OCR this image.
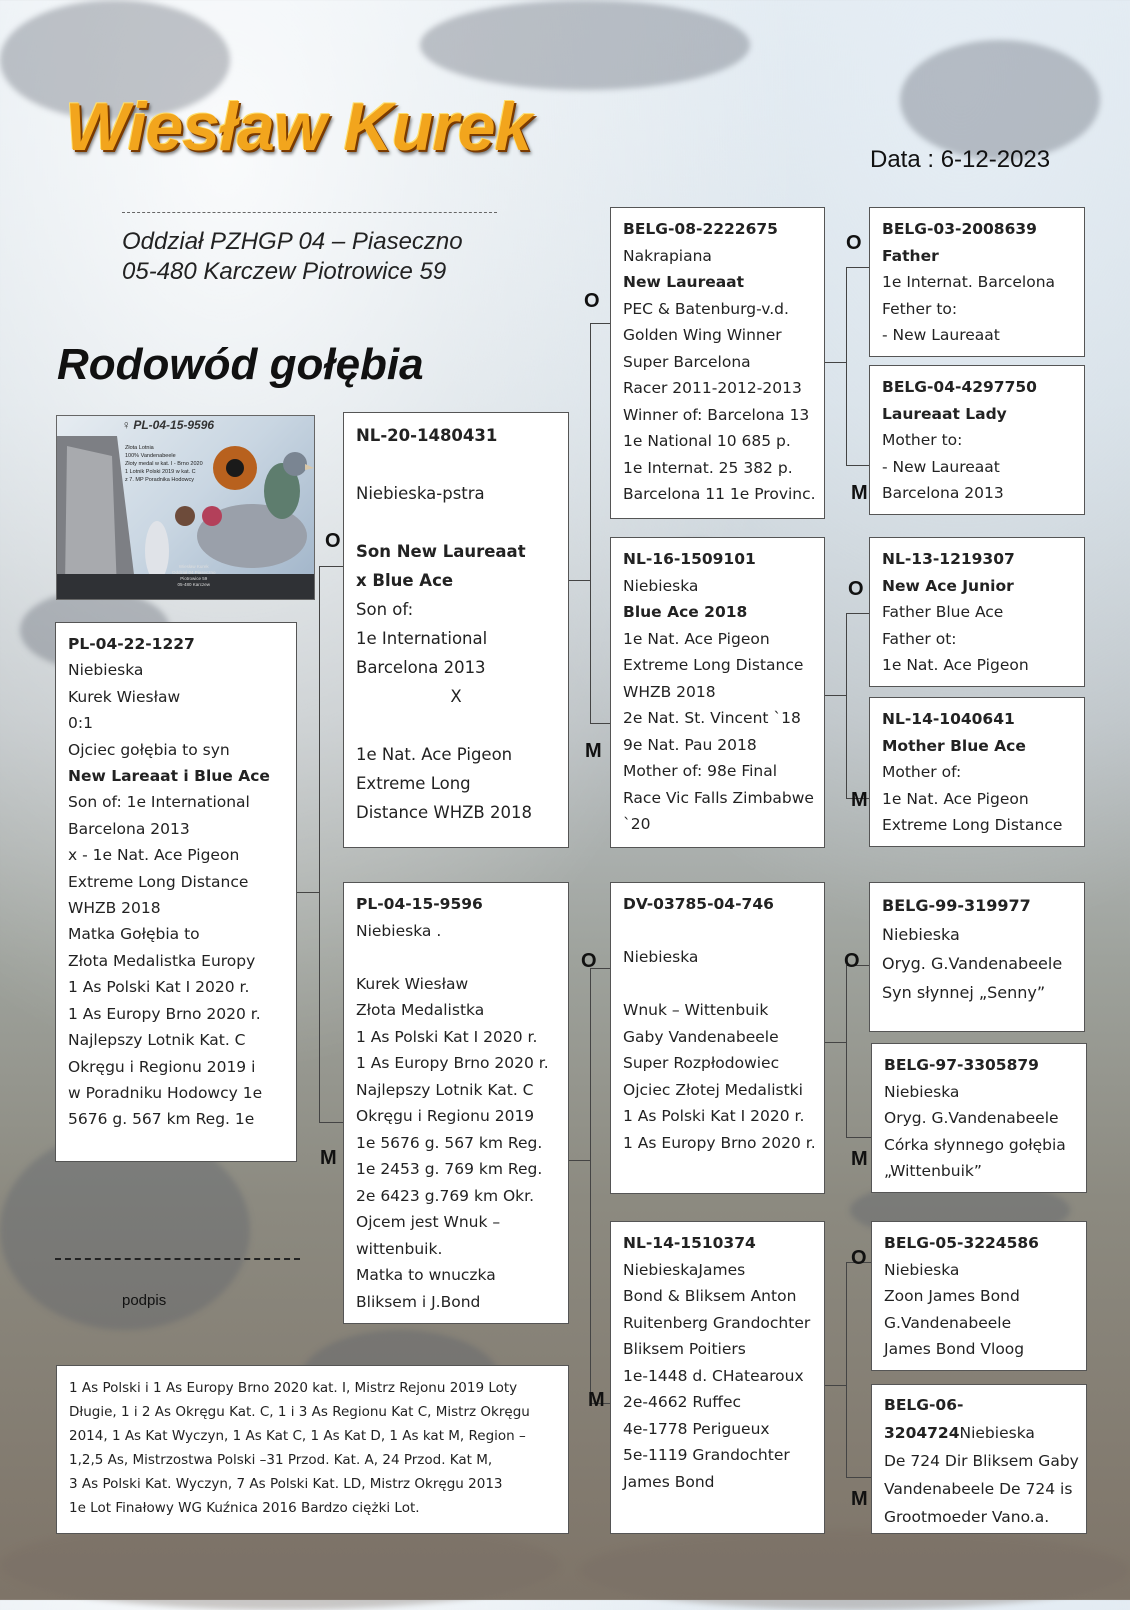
Wiesław Kurek	Data : 6-12-2023
Oddział PZHGP 04 – Piaseczno
05-480 Karczew Piotrowice 59
Rodowód gołębia
♀ PL-04-15-9596
Złota Lotnia
100% Vandenabeele
Złoty medal w kat. I - Brno 2020
1 Lotnik Polski 2019 w kat. C
z 7. MP Poradnika Hodowcy
Wiesław Kurek
Oddział 04 Piaseczno
Piotrowice 59
05-480 Karczew
PL-04-22-1227
Niebieska
Kurek Wiesław
0:1
Ojciec gołębia to syn
New Lareaat i Blue Ace
Son of: 1e International
Barcelona 2013
x - 1e Nat. Ace Pigeon
Extreme Long Distance
WHZB 2018
Matka Gołębia to
Złota Medalistka Europy
1 As Polski Kat I 2020 r.
1 As Europy Brno 2020 r.
Najlepszy Lotnik Kat. C
Okręgu i Regionu 2019 i
w Poradniku Hodowcy 1e
5676 g. 567 km Reg. 1e
NL-20-1480431

Niebieska-pstra

Son New Laureaat
x Blue Ace
Son of:
1e International
Barcelona 2013
X

1e Nat. Ace Pigeon
Extreme Long
Distance WHZB 2018
PL-04-15-9596
Niebieska .

Kurek Wiesław
Złota Medalistka
1 As Polski Kat I 2020 r.
1 As Europy Brno 2020 r.
Najlepszy Lotnik Kat. C
Okręgu i Regionu 2019
1e 5676 g. 567 km Reg.
1e 2453 g. 769 km Reg.
2e 6423 g.769 km Okr.
Ojcem jest Wnuk –
wittenbuik.
Matka to wnuczka
Bliksem i J.Bond
BELG-08-2222675
Nakrapiana
New Laureaat
PEC & Batenburg-v.d.
Golden Wing Winner
Super Barcelona
Racer 2011-2012-2013
Winner of: Barcelona 13
1e National 10 685 p.
1e Internat. 25 382 p.
Barcelona 11 1e Provinc.
NL-16-1509101
Niebieska
Blue Ace 2018
1e Nat. Ace Pigeon
Extreme Long Distance
WHZB 2018
2e Nat. St. Vincent `18
9e Nat. Pau 2018
Mother of: 98e Final
Race Vic Falls Zimbabwe
`20
DV-03785-04-746

Niebieska

Wnuk – Wittenbuik
Gaby Vandenabeele
Super Rozpłodowiec
Ojciec Złotej Medalistki
1 As Polski Kat I 2020 r.
1 As Europy Brno 2020 r.
NL-14-1510374
NiebieskaJames
Bond & Bliksem Anton
Ruitenberg Grandochter
Bliksem Poitiers
1e-1448 d. CHatearoux
2e-4662 Ruffec
4e-1778 Perigueux
5e-1119 Grandochter
James Bond
BELG-03-2008639
Father
1e Internat. Barcelona
Fether to:
- New Laureaat
BELG-04-4297750
Laureaat Lady
Mother to:
- New Laureaat
Barcelona 2013
NL-13-1219307
New Ace Junior
Father Blue Ace
Father ot:
1e Nat. Ace Pigeon
NL-14-1040641
Mother Blue Ace
Mother of:
1e Nat. Ace Pigeon
Extreme Long Distance
BELG-99-319977
Niebieska
Oryg. G.Vandenabeele
Syn słynnej „Senny”
BELG-97-3305879
Niebieska
Oryg. G.Vandenabeele
Córka słynnego gołębia
„Wittenbuik”
BELG-05-3224586
Niebieska
Zoon James Bond
G.Vandenabeele
James Bond Vloog
BELG-06-
3204724Niebieska
De 724 Dir Bliksem Gaby
Vandenabeele De 724 is
Grootmoeder Vano.a.
O
M
O
M
O
M
O
M
O
M
O
M
O
M
podpis
1 As Polski i 1 As Europy Brno 2020 kat. I, Mistrz Rejonu 2019 Loty
Długie, 1 i 2 As Okręgu Kat. C, 1 i 3 As Regionu Kat C, Mistrz Okręgu
2014, 1 As Kat Wyczyn, 1 As Kat C, 1 As Kat D, 1 As kat M, Region –
1,2,5 As, Mistrzostwa Polski –31 Przod. Kat. A, 24 Przod. Kat M,
3 As Polski Kat. Wyczyn, 7 As Polski Kat. LD, Mistrz Okręgu 2013
1e Lot Finałowy WG Kuźnica 2016 Bardzo ciężki Lot.
